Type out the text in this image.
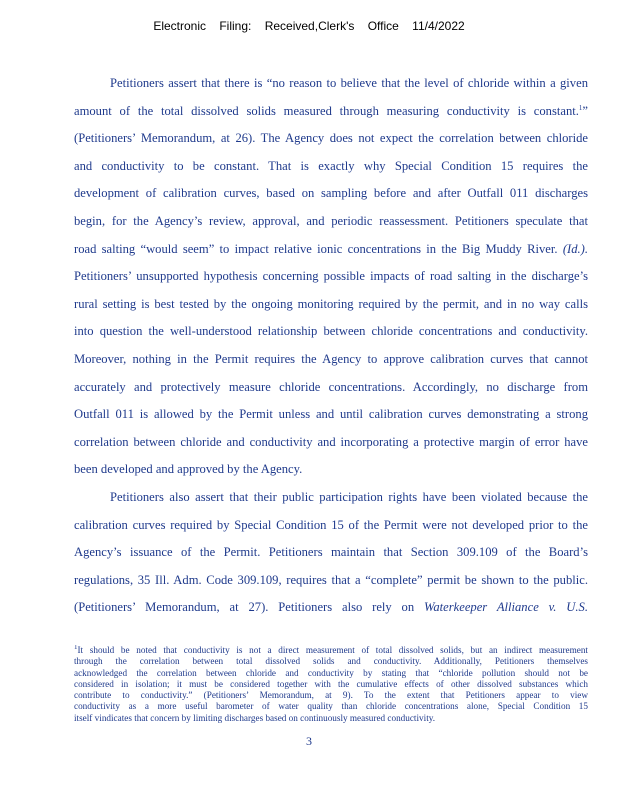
Electronic Filing: Received,Clerk's Office 11/4/2022
Petitioners assert that there is “no reason to believe that the level of chloride within a given
amount of the total dissolved solids measured through measuring conductivity is constant.$^1$”
(Petitioners’ Memorandum, at 26). The Agency does not expect the correlation between chloride
and conductivity to be constant. That is exactly why Special Condition 15 requires the
development of calibration curves, based on sampling before and after Outfall 011 discharges
begin, for the Agency’s review, approval, and periodic reassessment. Petitioners speculate that
road salting “would seem” to impact relative ionic concentrations in the Big Muddy River. (Id.).
Petitioners’ unsupported hypothesis concerning possible impacts of road salting in the discharge’s
rural setting is best tested by the ongoing monitoring required by the permit, and in no way calls
into question the well-understood relationship between chloride concentrations and conductivity.
Moreover, nothing in the Permit requires the Agency to approve calibration curves that cannot
accurately and protectively measure chloride concentrations. Accordingly, no discharge from
Outfall 011 is allowed by the Permit unless and until calibration curves demonstrating a strong
correlation between chloride and conductivity and incorporating a protective margin of error have
been developed and approved by the Agency.
Petitioners also assert that their public participation rights have been violated because the
calibration curves required by Special Condition 15 of the Permit were not developed prior to the
Agency’s issuance of the Permit. Petitioners maintain that Section 309.109 of the Board’s
regulations, 35 Ill. Adm. Code 309.109, requires that a “complete” permit be shown to the public.
(Petitioners’ Memorandum, at 27). Petitioners also rely on Waterkeeper Alliance v. U.S.
$^1$It should be noted that conductivity is not a direct measurement of total dissolved solids, but an indirect measurement
through the correlation between total dissolved solids and conductivity. Additionally, Petitioners themselves
acknowledged the correlation between chloride and conductivity by stating that “chloride pollution should not be
considered in isolation; it must be considered together with the cumulative effects of other dissolved substances which
contribute to conductivity.” (Petitioners’ Memorandum, at 9). To the extent that Petitioners appear to view
conductivity as a more useful barometer of water quality than chloride concentrations alone, Special Condition 15
itself vindicates that concern by limiting discharges based on continuously measured conductivity.
3
